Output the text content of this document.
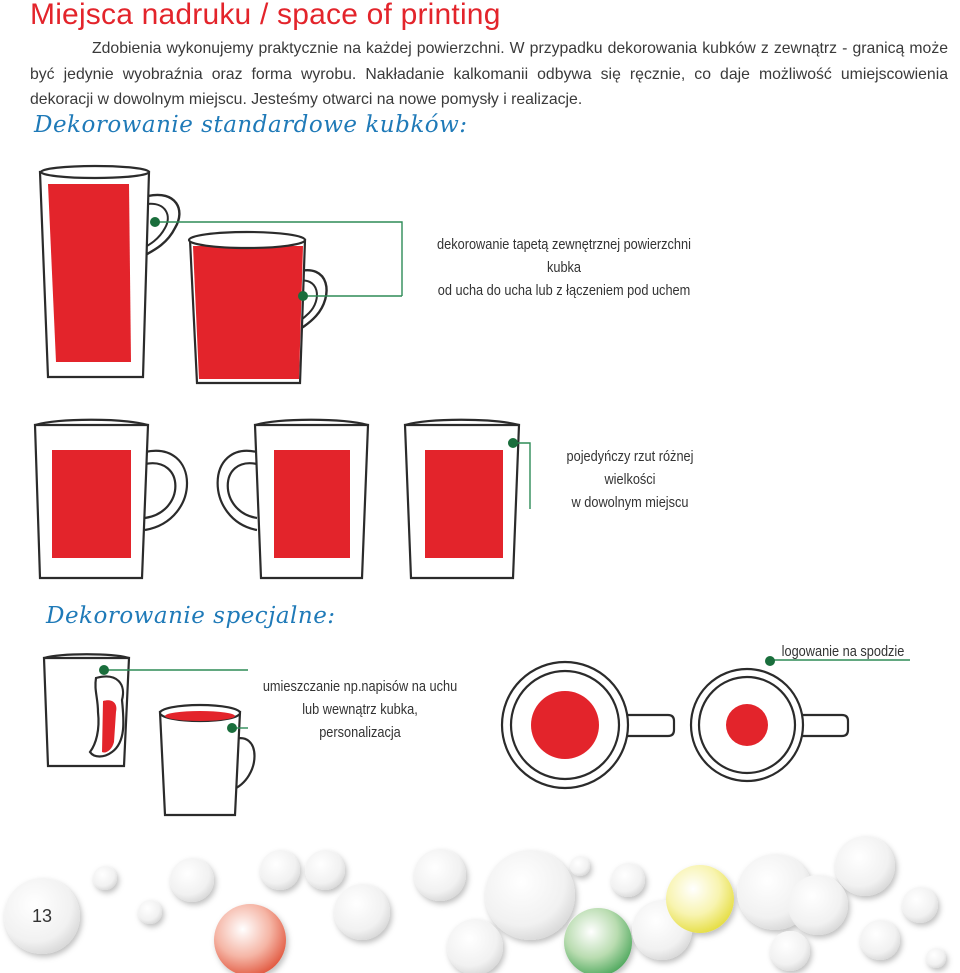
Miejsca nadruku / space of printing

Zdobienia wykonujemy praktycznie na każdej powierzchni. W przypadku dekorowania kubków z zewnątrz - granicą może być jedynie wyobraźnia oraz forma wyrobu. Nakładanie kalkomanii odbywa się ręcznie, co daje możliwość umiejscowienia dekoracji w dowolnym miejscu. Jesteśmy otwarci na nowe pomysły i realizacje.

Dekorowanie standardowe kubków:
Dekorowanie specjalne:
dekorowanie tapetą zewnętrznej powierzchni kubka
od ucha do ucha lub z łączeniem pod uchem
pojedyńczy rzut różnej wielkości
w dowolnym miejscu
umieszczanie np.napisów na uchu
lub wewnątrz kubka, personalizacja
logowanie na spodzie
13
